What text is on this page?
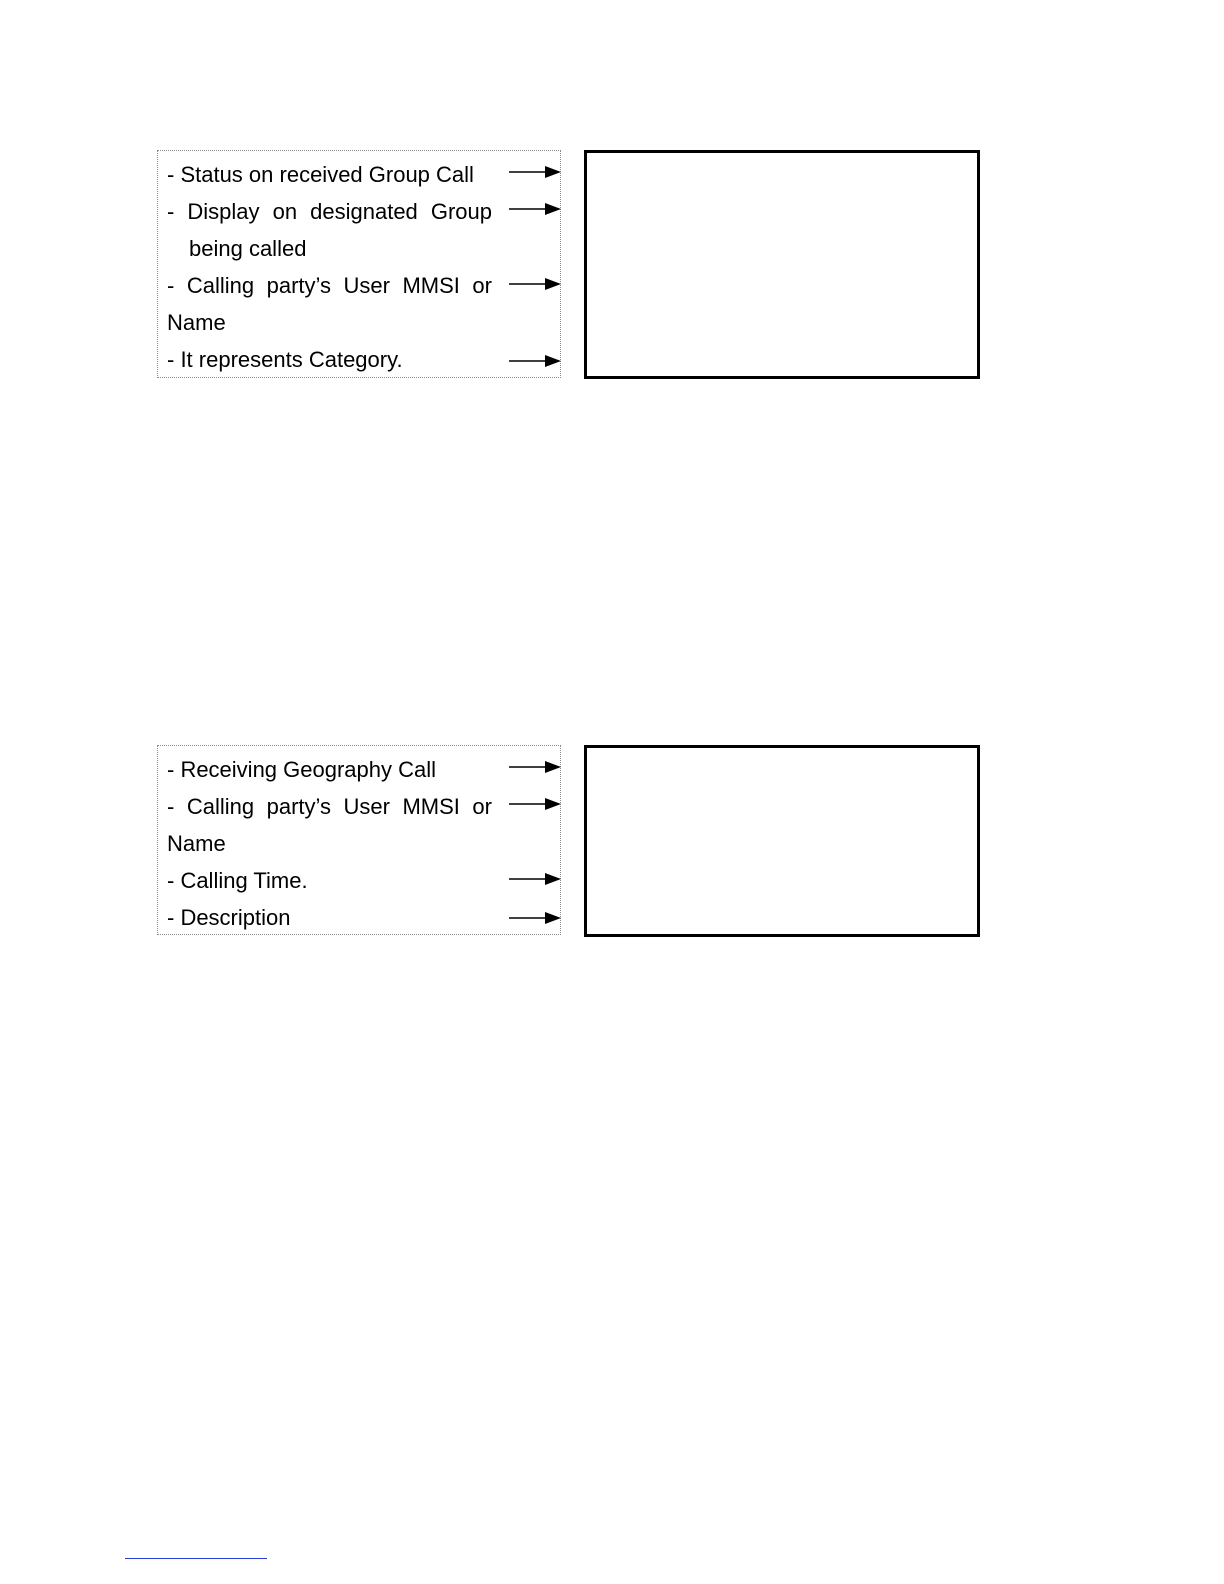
- Status on received Group Call
- Display on designated Group
being called
- Calling party’s User MMSI or
Name
- It represents Category.
- Receiving Geography Call
- Calling party’s User MMSI or
Name
- Calling Time.
- Description
